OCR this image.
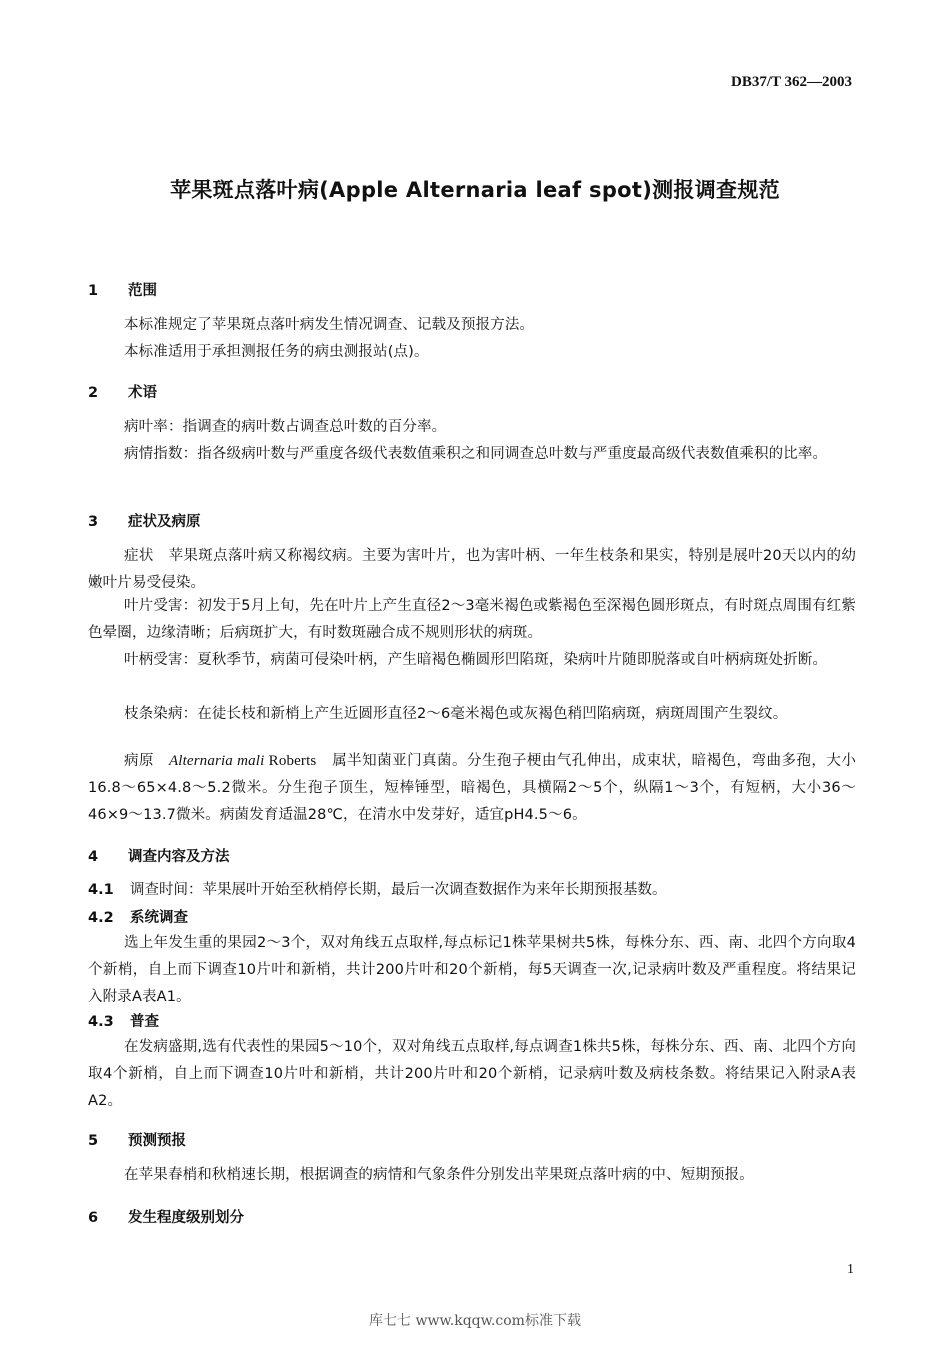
DB37/T 362—2003
苹果斑点落叶病(Apple Alternaria leaf spot)测报调查规范
1 范围
本标准规定了苹果斑点落叶病发生情况调查、记载及预报方法。
本标准适用于承担测报任务的病虫测报站(点)。
2 术语
病叶率：指调查的病叶数占调查总叶数的百分率。
病情指数：指各级病叶数与严重度各级代表数值乘积之和同调查总叶数与严重度最高级代表数值乘积的比率。
3 症状及病原
症状　苹果斑点落叶病又称褐纹病。主要为害叶片，也为害叶柄、一年生枝条和果实，特别是展叶20天以内的幼嫩叶片易受侵染。
叶片受害：初发于5月上旬，先在叶片上产生直径2～3毫米褐色或紫褐色至深褐色圆形斑点，有时斑点周围有红紫色晕圈，边缘清晰；后病斑扩大，有时数斑融合成不规则形状的病斑。
叶柄受害：夏秋季节，病菌可侵染叶柄，产生暗褐色椭圆形凹陷斑，染病叶片随即脱落或自叶柄病斑处折断。
枝条染病：在徒长枝和新梢上产生近圆形直径2～6毫米褐色或灰褐色稍凹陷病斑，病斑周围产生裂纹。
病原　Alternaria mali Roberts　属半知菌亚门真菌。分生孢子梗由气孔伸出，成束状，暗褐色，弯曲多孢，大小16.8～65×4.8～5.2微米。分生孢子顶生，短棒锤型，暗褐色，具横隔2～5个，纵隔1～3个，有短柄，大小36～46×9～13.7微米。病菌发育适温28℃，在清水中发芽好，适宜pH4.5～6。
4 调查内容及方法
4.1 调查时间：苹果展叶开始至秋梢停长期，最后一次调查数据作为来年长期预报基数。
4.2 系统调查
选上年发生重的果园2～3个，双对角线五点取样,每点标记1株苹果树共5株，每株分东、西、南、北四个方向取4个新梢，自上而下调查10片叶和新梢，共计200片叶和20个新梢，每5天调查一次,记录病叶数及严重程度。将结果记入附录A表A1。
4.3 普查
在发病盛期,选有代表性的果园5～10个，双对角线五点取样,每点调查1株共5株，每株分东、西、南、北四个方向取4个新梢，自上而下调查10片叶和新梢，共计200片叶和20个新梢，记录病叶数及病枝条数。将结果记入附录A表A2。
5 预测预报
在苹果春梢和秋梢速长期，根据调查的病情和气象条件分别发出苹果斑点落叶病的中、短期预报。
6 发生程度级别划分
1
库七七 www.kqqw.com标准下载
